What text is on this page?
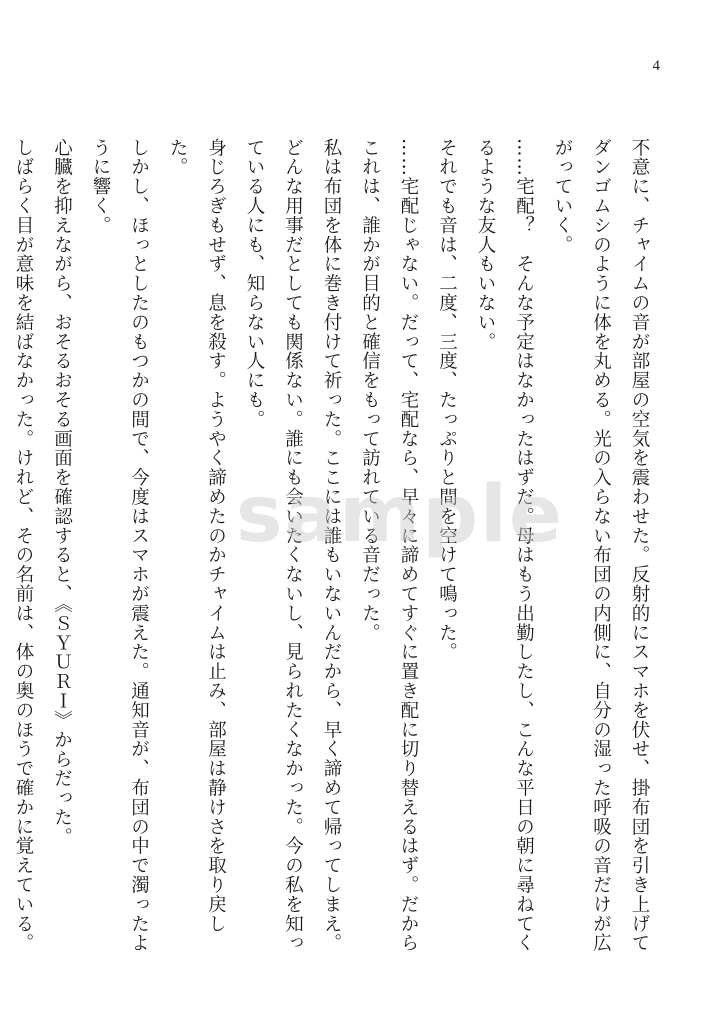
4

不意に、チャイムの音が部屋の空気を震わせた。反射的にスマホを伏せ、掛布団を引き上げてダンゴムシのように体を丸める。光の入らない布団の内側に、自分の湿った呼吸の音だけが広がっていく。

……宅配？　そんな予定はなかったはずだ。母はもう出勤したし、こんな平日の朝に尋ねてくるような友人もいない。

それでも音は、二度、三度、たっぷりと間を空けて鳴った。

……宅配じゃない。だって、宅配なら、早々に諦めてすぐに置き配に切り替えるはず。だからこれは、誰かが目的と確信をもって訪れている音だった。

私は布団を体に巻き付けて祈った。ここには誰もいないんだから、早く諦めて帰ってしまえ。どんな用事だとしても関係ない。誰にも会いたくないし、見られたくなかった。今の私を知っている人にも、知らない人にも。

身じろぎもせず、息を殺す。ようやく諦めたのかチャイムは止み、部屋は静けさを取り戻した。

しかし、ほっとしたのもつかの間で、今度はスマホが震えた。通知音が、布団の中で濁ったように響く。

心臓を抑えながら、おそるおそる画面を確認すると、《ＳＹＵＲＩ》からだった。

しばらく目が意味を結ばなかった。けれど、その名前は、体の奥のほうで確かに覚えている。	sample
